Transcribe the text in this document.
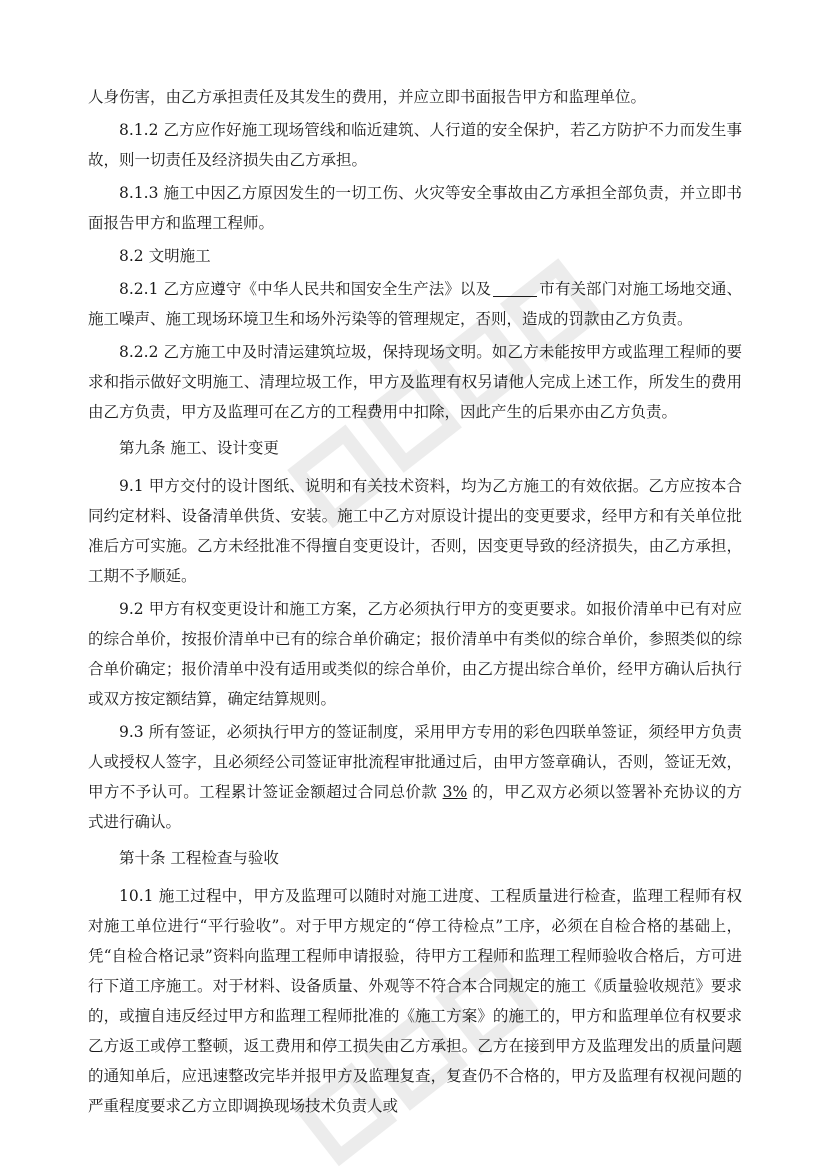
人身伤害，由乙方承担责任及其发生的费用，并应立即书面报告甲方和监理单位。

8.1.2 乙方应作好施工现场管线和临近建筑、人行道的安全保护，若乙方防护不力而发生事故，则一切责任及经济损失由乙方承担。

8.1.3 施工中因乙方原因发生的一切工伤、火灾等安全事故由乙方承担全部负责，并立即书面报告甲方和监理工程师。

8.2 文明施工

8.2.1 乙方应遵守《中华人民共和国安全生产法》以及	市有关部门对施工场地交通、施工噪声、施工现场环境卫生和场外污染等的管理规定，否则，造成的罚款由乙方负责。

8.2.2 乙方施工中及时清运建筑垃圾，保持现场文明。如乙方未能按甲方或监理工程师的要求和指示做好文明施工、清理垃圾工作，甲方及监理有权另请他人完成上述工作，所发生的费用由乙方负责，甲方及监理可在乙方的工程费用中扣除，因此产生的后果亦由乙方负责。

第九条 施工、设计变更

9.1 甲方交付的设计图纸、说明和有关技术资料，均为乙方施工的有效依据。乙方应按本合同约定材料、设备清单供货、安装。施工中乙方对原设计提出的变更要求，经甲方和有关单位批准后方可实施。乙方未经批准不得擅自变更设计，否则，因变更导致的经济损失，由乙方承担，工期不予顺延。

9.2 甲方有权变更设计和施工方案，乙方必须执行甲方的变更要求。如报价清单中已有对应的综合单价，按报价清单中已有的综合单价确定；报价清单中有类似的综合单价，参照类似的综合单价确定；报价清单中没有适用或类似的综合单价，由乙方提出综合单价，经甲方确认后执行或双方按定额结算，确定结算规则。

9.3 所有签证，必须执行甲方的签证制度，采用甲方专用的彩色四联单签证，须经甲方负责人或授权人签字，且必须经公司签证审批流程审批通过后，由甲方签章确认，否则，签证无效，甲方不予认可。工程累计签证金额超过合同总价款 3% 的，甲乙双方必须以签署补充协议的方式进行确认。

第十条 工程检查与验收

10.1 施工过程中，甲方及监理可以随时对施工进度、工程质量进行检查，监理工程师有权对施工单位进行“平行验收”。对于甲方规定的“停工待检点”工序，必须在自检合格的基础上，凭“自检合格记录”资料向监理工程师申请报验，待甲方工程师和监理工程师验收合格后，方可进行下道工序施工。对于材料、设备质量、外观等不符合本合同规定的施工《质量验收规范》要求的，或擅自违反经过甲方和监理工程师批准的《施工方案》的施工的，甲方和监理单位有权要求乙方返工或停工整顿，返工费用和停工损失由乙方承担。乙方在接到甲方及监理发出的质量问题的通知单后，应迅速整改完毕并报甲方及监理复查，复查仍不合格的，甲方及监理有权视问题的严重程度要求乙方立即调换现场技术负责人或
